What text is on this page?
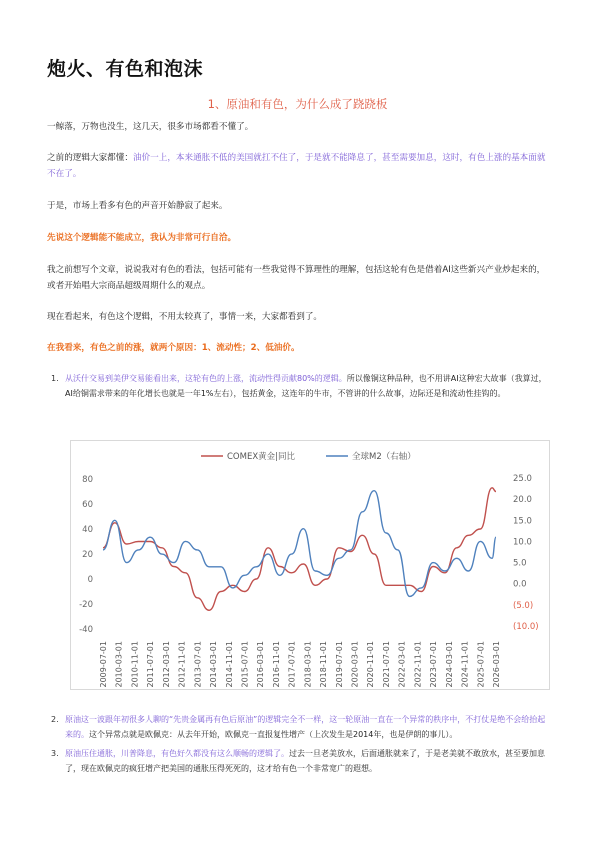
炮火、有色和泡沫
1、原油和有色，为什么成了跷跷板

一鲸落，万物也没生，这几天，很多市场都看不懂了。

之前的逻辑大家都懂：油价一上，本来通胀不低的美国就扛不住了，于是就不能降息了，甚至需要加息，这时，有色上涨的基本面就不在了。

于是，市场上看多有色的声音开始静寂了起来。

先说这个逻辑能不能成立，我认为非常可行自洽。

我之前想写个文章，说说我对有色的看法，包括可能有一些我觉得不算理性的理解，包括这轮有色是借着AI这些新兴产业炒起来的，或者开始唱大宗商品超级周期什么的观点。

现在看起来，有色这个逻辑，不用太较真了，事情一来，大家都看到了。

在我看来，有色之前的涨，就两个原因：1、流动性；2、低油价。

1. 从沃什交易到美伊交易能看出来，这轮有色的上涨，流动性得贡献80%的逻辑。所以像铜这种品种，也不用讲AI这种宏大故事（我算过，AI给铜需求带来的年化增长也就是一年1%左右），包括黄金，这连年的牛市，不管讲的什么故事，边际还是和流动性挂钩的。
COMEX黄金|同比	全球M2（右轴）
80
60
40
20
0
-20
-40
25.0
20.0
15.0
10.0
5.0
0.0
(5.0)
(10.0)
2009-07-01 2010-03-01 2010-11-01 2011-07-01 2012-03-01 2012-11-01 2013-07-01 2014-03-01 2014-11-01 2015-07-01 2016-03-01 2016-11-01 2017-07-01 2018-03-01 2018-11-01 2019-07-01 2020-03-01 2020-11-01 2021-07-01 2022-03-01 2022-11-01 2023-07-01 2024-03-01 2024-11-01 2025-07-01 2026-03-01
2. 原油这一波跟年初很多人聊的“先贵金属再有色后原油”的逻辑完全不一样，这一轮原油一直在一个异常的秩序中，不打仗是绝不会给抬起来的。这个异常点就是欧佩克：从去年开始，欧佩克一直报复性增产（上次发生是2014年，也是伊朗的事儿）。
3. 原油压住通胀，川普降息，有色好久都没有这么顺畅的逻辑了。过去一旦老美放水，后面通胀就来了，于是老美就不敢放水，甚至要加息了，现在欧佩克的疯狂增产把美国的通胀压得死死的，这才给有色一个非常宽广的遐想。
